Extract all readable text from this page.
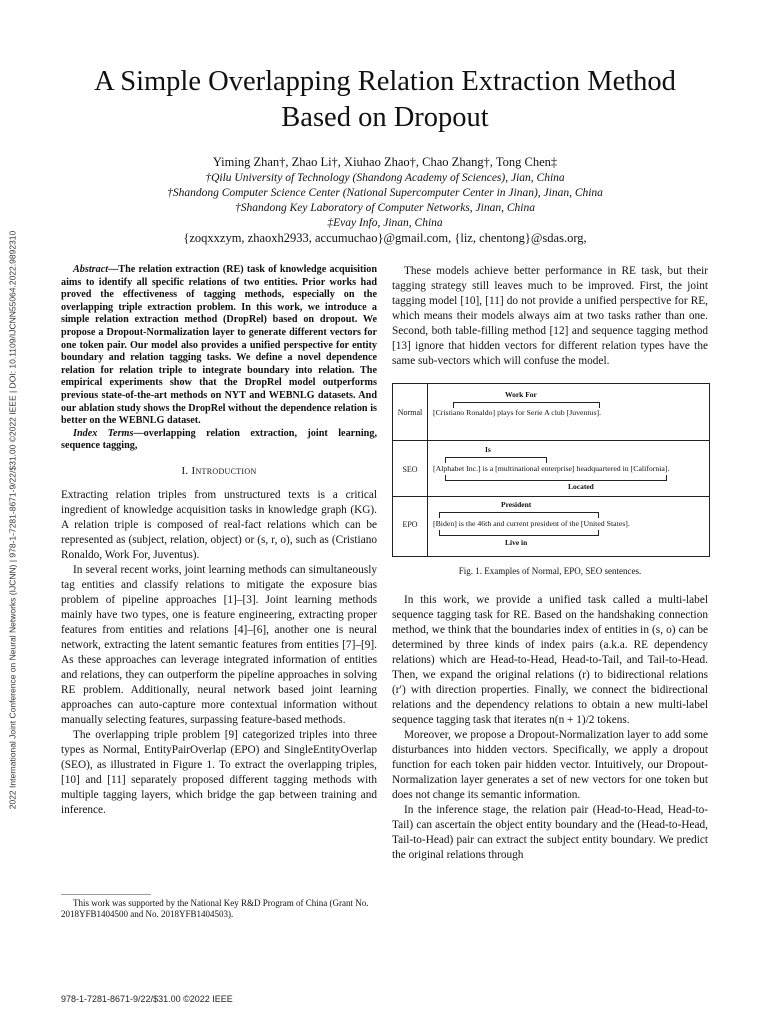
2022 International Joint Conference on Neural Networks (IJCNN) | 978-1-7281-8671-9/22/$31.00 ©2022 IEEE | DOI: 10.1109/IJCNN55064.2022.9892310
A Simple Overlapping Relation Extraction Method
Based on Dropout
Yiming Zhan†, Zhao Li†, Xiuhao Zhao†, Chao Zhang†, Tong Chen‡
†Qilu University of Technology (Shandong Academy of Sciences), Jian, China
†Shandong Computer Science Center (National Supercomputer Center in Jinan), Jinan, China
†Shandong Key Laboratory of Computer Networks, Jinan, China
‡Evay Info, Jinan, China
{zoqxxzym, zhaoxh2933, accumuchao}@gmail.com, {liz, chentong}@sdas.org,

Abstract—The relation extraction (RE) task of knowledge acquisition aims to identify all specific relations of two entities. Prior works had proved the effectiveness of tagging methods, especially on the overlapping triple extraction problem. In this work, we introduce a simple relation extraction method (DropRel) based on dropout. We propose a Dropout-Normalization layer to generate different vectors for one token pair. Our model also provides a unified perspective for entity boundary and relation tagging tasks. We define a novel dependence relation for relation triple to integrate boundary into relation. The empirical experiments show that the DropRel model outperforms previous state-of-the-art methods on NYT and WEBNLG datasets. And our ablation study shows the DropRel without the dependence relation is better on the WEBNLG dataset.

Index Terms—overlapping relation extraction, joint learning, sequence tagging,

I. Introduction

Extracting relation triples from unstructured texts is a critical ingredient of knowledge acquisition tasks in knowledge graph (KG). A relation triple is composed of real-fact relations which can be represented as (subject, relation, object) or (s, r, o), such as (Cristiano Ronaldo, Work For, Juventus).

In several recent works, joint learning methods can simultaneously tag entities and classify relations to mitigate the exposure bias problem of pipeline approaches [1]–[3]. Joint learning methods mainly have two types, one is feature engineering, extracting proper features from entities and relations [4]–[6], another one is neural network, extracting the latent semantic features from entities [7]–[9]. As these approaches can leverage integrated information of entities and relations, they can outperform the pipeline approaches in solving RE problem. Additionally, neural network based joint learning approaches can auto-capture more contextual information without manually selecting features, surpassing feature-based methods.

The overlapping triple problem [9] categorized triples into three types as Normal, EntityPairOverlap (EPO) and SingleEntityOverlap (SEO), as illustrated in Figure 1. To extract the overlapping triples, [10] and [11] separately proposed different tagging methods with multiple tagging layers, which bridge the gap between training and inference.

This work was supported by the National Key R&D Program of China (Grant No. 2018YFB1404500 and No. 2018YFB1404503).

These models achieve better performance in RE task, but their tagging strategy still leaves much to be improved. First, the joint tagging model [10], [11] do not provide a unified perspective for RE, which means their models always aim at two tasks rather than one. Second, both table-filling method [12] and sequence tagging method [13] ignore that hidden vectors for different relation types have the same sub-vectors which will confuse the model.

Normal
Work For
[Cristiano Ronaldo] plays for Serie A club [Juventus].
SEO
Is
[Alphabet Inc.] is a [multinational enterprise] headquartered in [California].
Located
EPO
President
[Biden] is the 46th and current president of the [United States].
Live in
Fig. 1. Examples of Normal, EPO, SEO sentences.

In this work, we provide a unified task called a multi-label sequence tagging task for RE. Based on the handshaking connection method, we think that the boundaries index of entities in (s, o) can be determined by three kinds of index pairs (a.k.a. RE dependency relations) which are Head-to-Head, Head-to-Tail, and Tail-to-Head. Then, we expand the original relations (r) to bidirectional relations (r′) with direction properties. Finally, we connect the bidirectional relations and the dependency relations to obtain a new multi-label sequence tagging task that iterates n(n + 1)/2 tokens.

Moreover, we propose a Dropout-Normalization layer to add some disturbances into hidden vectors. Specifically, we apply a dropout function for each token pair hidden vector. Intuitively, our Dropout-Normalization layer generates a set of new vectors for one token but does not change its semantic information.

In the inference stage, the relation pair (Head-to-Head, Head-to-Tail) can ascertain the object entity boundary and the (Head-to-Head, Tail-to-Head) pair can extract the subject entity boundary. We predict the original relations through

978-1-7281-8671-9/22/$31.00 ©2022 IEEE
